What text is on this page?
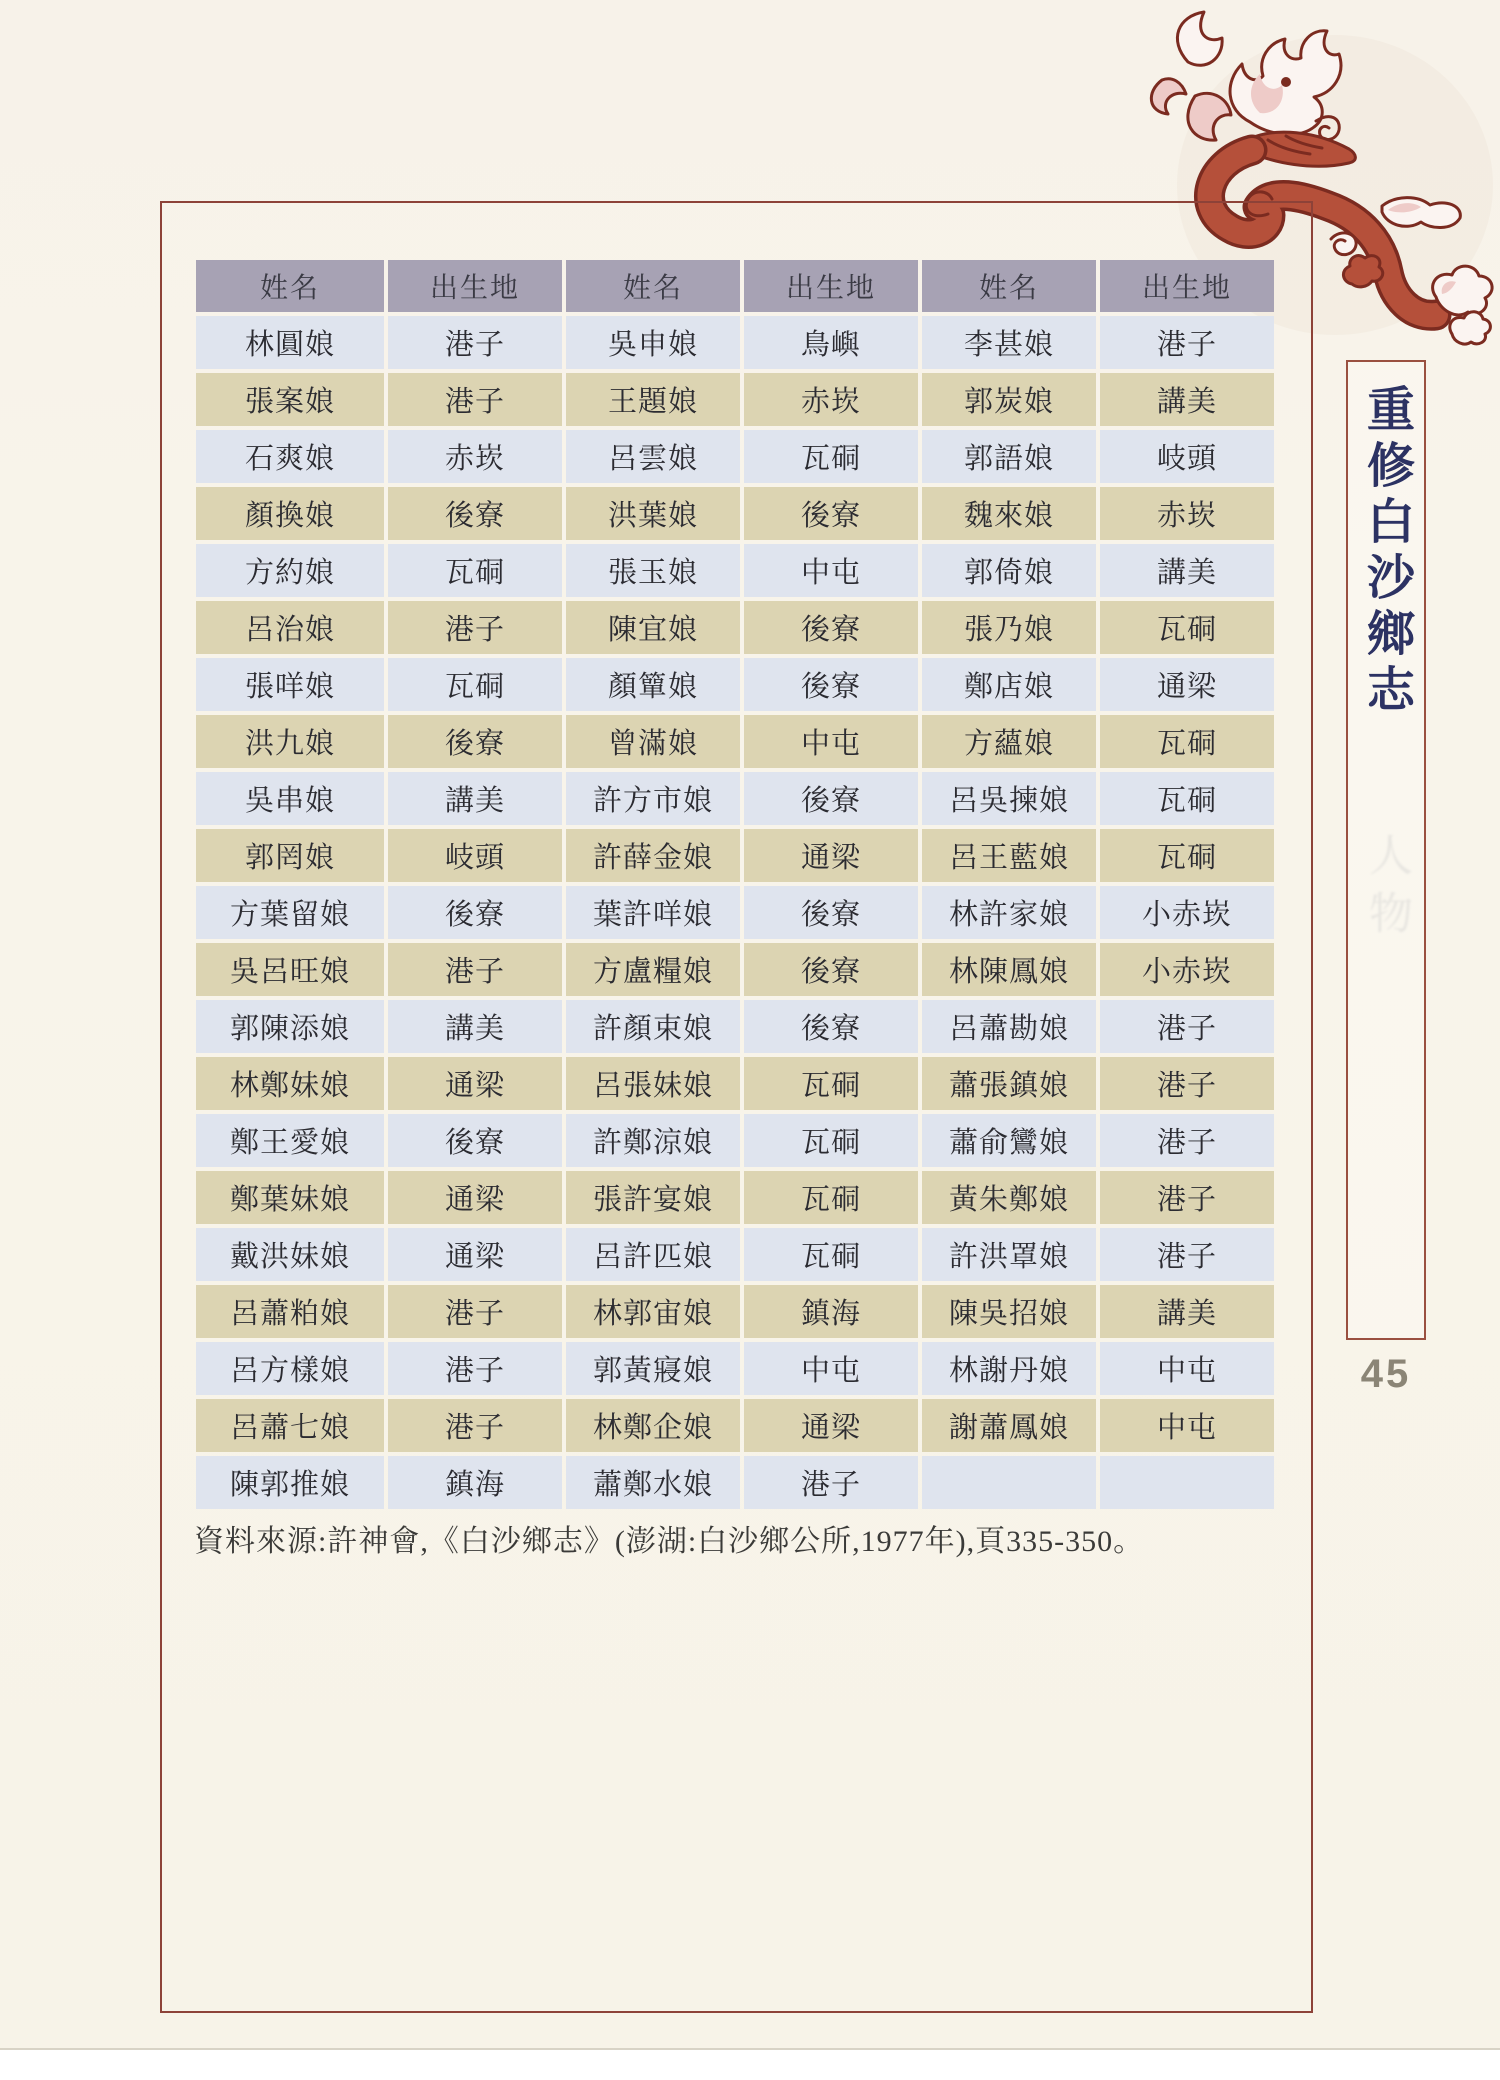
姓名	出生地	姓名	出生地	姓名	出生地
林圓娘	港子	吳申娘	鳥嶼	李甚娘	港子
張案娘	港子	王題娘	赤崁	郭炭娘	講美
石爽娘	赤崁	呂雲娘	瓦硐	郭語娘	岐頭
顏換娘	後寮	洪葉娘	後寮	魏來娘	赤崁
方約娘	瓦硐	張玉娘	中屯	郭倚娘	講美
呂治娘	港子	陳宜娘	後寮	張乃娘	瓦硐
張咩娘	瓦硐	顏簞娘	後寮	鄭店娘	通梁
洪九娘	後寮	曾滿娘	中屯	方蘊娘	瓦硐
吳串娘	講美	許方市娘	後寮	呂吳揀娘	瓦硐
郭罔娘	岐頭	許薛金娘	通梁	呂王藍娘	瓦硐
方葉留娘	後寮	葉許咩娘	後寮	林許家娘	小赤崁
吳呂旺娘	港子	方盧糧娘	後寮	林陳鳳娘	小赤崁
郭陳添娘	講美	許顏束娘	後寮	呂蕭勘娘	港子
林鄭妹娘	通梁	呂張妹娘	瓦硐	蕭張鎮娘	港子
鄭王愛娘	後寮	許鄭涼娘	瓦硐	蕭俞鸞娘	港子
鄭葉妹娘	通梁	張許宴娘	瓦硐	黃朱鄭娘	港子
戴洪妹娘	通梁	呂許匹娘	瓦硐	許洪罩娘	港子
呂蕭粕娘	港子	林郭宙娘	鎮海	陳吳招娘	講美
呂方樣娘	港子	郭黃寢娘	中屯	林謝丹娘	中屯
呂蕭七娘	港子	林鄭企娘	通梁	謝蕭鳳娘	中屯
陳郭推娘	鎮海	蕭鄭水娘	港子
資料來源:許神會,《白沙鄉志》(澎湖:白沙鄉公所,1977年),頁335-350。
重修白沙鄉志
人物
45
